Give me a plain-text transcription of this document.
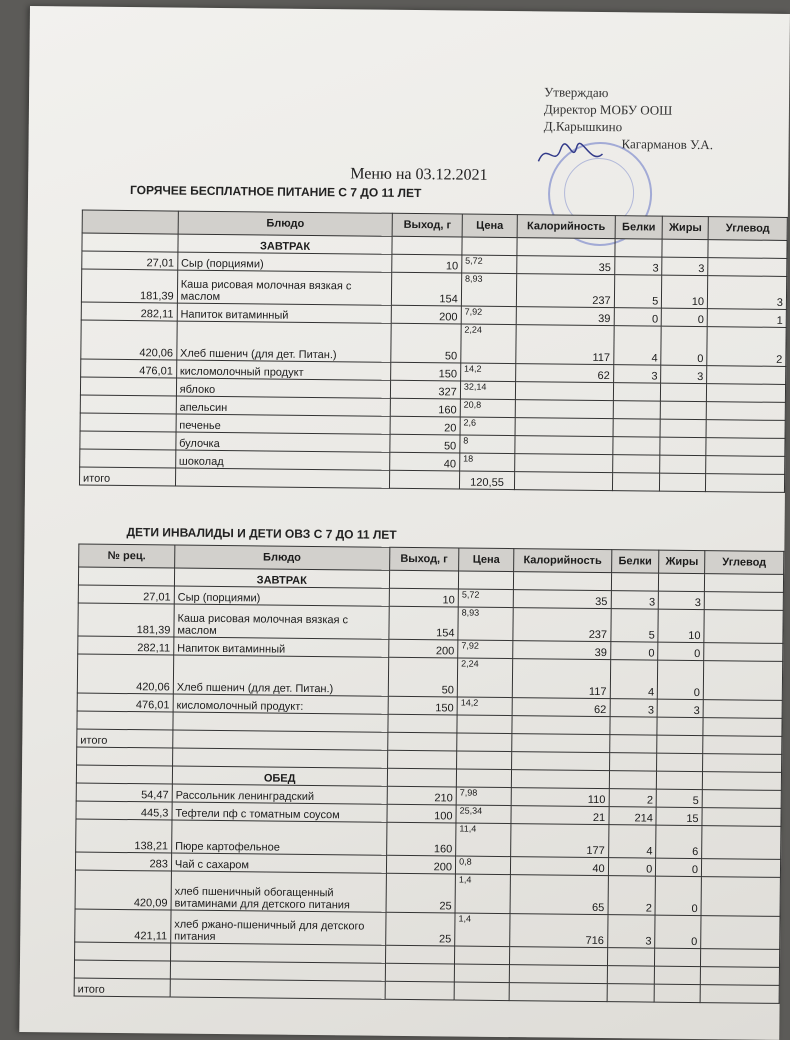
Утверждаю
Директор МОБУ ООШ
Д.Карышкино
Кагарманов У.А.
Меню на 03.12.2021
ГОРЯЧЕЕ БЕСПЛАТНОЕ ПИТАНИЕ С 7 ДО 11 ЛЕТ
	Блюдо	Выход, г	Цена	Калорийность	Белки	Жиры	Углевод
	ЗАВТРАК						
27,01	Сыр (порциями)	10	5,72	35	3	3	
181,39	Каша рисовая молочная вязкая с маслом	154	8,93	237	5	10	3
282,11	Напиток витаминный	200	7,92	39	0	0	1
420,06	Хлеб пшенич (для дет. Питан.)	50	2,24	117	4	0	2
476,01	кисломолочный продукт	150	14,2	62	3	3	
	яблоко	327	32,14				
	апельсин	160	20,8				
	печенье	20	2,6				
	булочка	50	8				
	шоколад	40	18				
итого			120,55				
ДЕТИ ИНВАЛИДЫ И ДЕТИ ОВЗ С 7 ДО 11 ЛЕТ
№ рец.	Блюдо	Выход, г	Цена	Калорийность	Белки	Жиры	Углевод
	ЗАВТРАК						
27,01	Сыр (порциями)	10	5,72	35	3	3	
181,39	Каша рисовая молочная вязкая с маслом	154	8,93	237	5	10	
282,11	Напиток витаминный	200	7,92	39	0	0	
420,06	Хлеб пшенич (для дет. Питан.)	50	2,24	117	4	0	
476,01	кисломолочный продукт:	150	14,2	62	3	3	

итого							

	ОБЕД						
54,47	Рассольник ленинградский	210	7,98	110	2	5	
445,3	Тефтели пф с томатным соусом	100	25,34	21	214	15	
138,21	Пюре картофельное	160	11,4	177	4	6	
283	Чай с сахаром	200	0,8	40	0	0	
420,09	хлеб пшеничный обогащенный витаминами для детского питания	25	1,4	65	2	0	
421,11	хлеб ржано-пшеничный для детского питания	25	1,4	716	3	0	

итого							
